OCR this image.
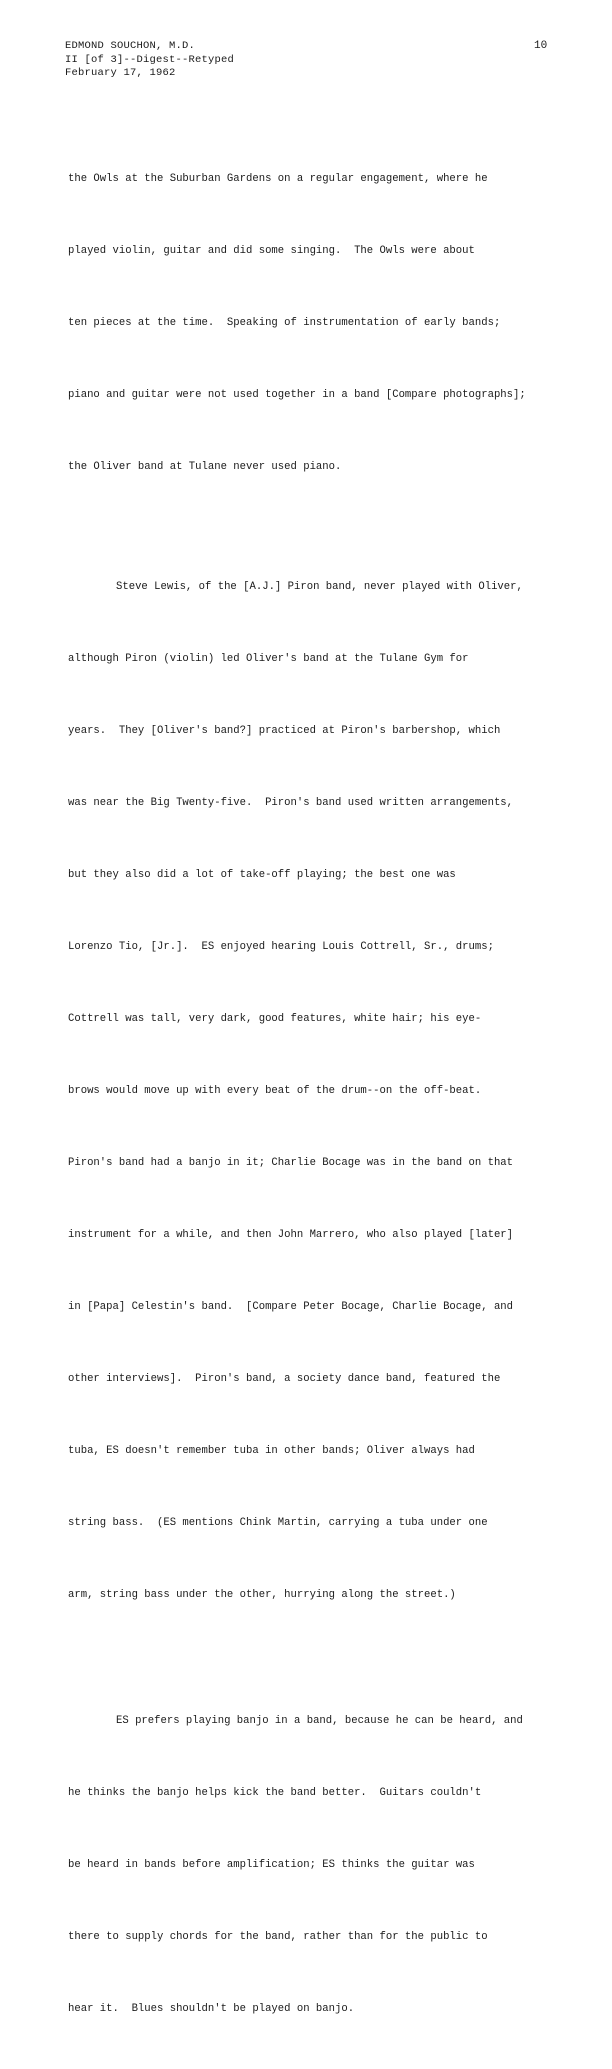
EDMOND SOUCHON, M.D.
II [of 3]--Digest--Retyped
February 17, 1962
10

the Owls at the Suburban Gardens on a regular engagement, where he

played violin, guitar and did some singing.  The Owls were about

ten pieces at the time.  Speaking of instrumentation of early bands;

piano and guitar were not used together in a band [Compare photographs];

the Oliver band at Tulane never used piano.

Steve Lewis, of the [A.J.] Piron band, never played with Oliver,

although Piron (violin) led Oliver's band at the Tulane Gym for

years.  They [Oliver's band?] practiced at Piron's barbershop, which

was near the Big Twenty-five.  Piron's band used written arrangements,

but they also did a lot of take-off playing; the best one was

Lorenzo Tio, [Jr.].  ES enjoyed hearing Louis Cottrell, Sr., drums;

Cottrell was tall, very dark, good features, white hair; his eye-

brows would move up with every beat of the drum--on the off-beat.

Piron's band had a banjo in it; Charlie Bocage was in the band on that

instrument for a while, and then John Marrero, who also played [later]

in [Papa] Celestin's band.  [Compare Peter Bocage, Charlie Bocage, and

other interviews].  Piron's band, a society dance band, featured the

tuba, ES doesn't remember tuba in other bands; Oliver always had

string bass.  (ES mentions Chink Martin, carrying a tuba under one

arm, string bass under the other, hurrying along the street.)

ES prefers playing banjo in a band, because he can be heard, and

he thinks the banjo helps kick the band better.  Guitars couldn't

be heard in bands before amplification; ES thinks the guitar was

there to supply chords for the band, rather than for the public to

hear it.  Blues shouldn't be played on banjo.
